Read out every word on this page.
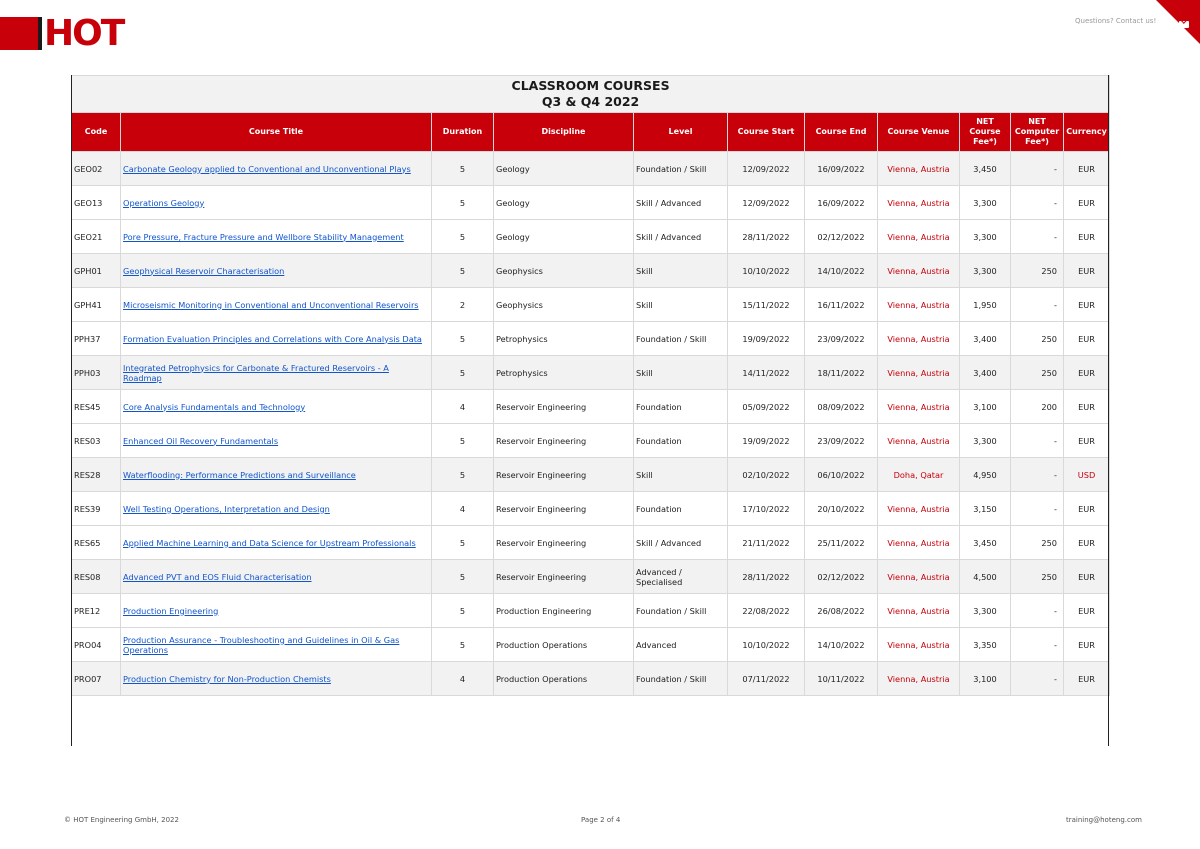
HOT	Questions? Contact us!
CLASSROOM COURSES
Q3 & Q4 2022										

Code	Course Title	Duration	Discipline	Level	Course Start	Course End	Course Venue	NET Course Fee*)	NET Computer Fee*)	Currency
GEO02	Carbonate Geology applied to Conventional and Unconventional Plays	5	Geology	Foundation / Skill	12/09/2022	16/09/2022	Vienna, Austria	3,450	-	EUR
GEO13	Operations Geology	5	Geology	Skill / Advanced	12/09/2022	16/09/2022	Vienna, Austria	3,300	-	EUR
GEO21	Pore Pressure, Fracture Pressure and Wellbore Stability Management	5	Geology	Skill / Advanced	28/11/2022	02/12/2022	Vienna, Austria	3,300	-	EUR
GPH01	Geophysical Reservoir Characterisation	5	Geophysics	Skill	10/10/2022	14/10/2022	Vienna, Austria	3,300	250	EUR
GPH41	Microseismic Monitoring in Conventional and Unconventional Reservoirs	2	Geophysics	Skill	15/11/2022	16/11/2022	Vienna, Austria	1,950	-	EUR
PPH37	Formation Evaluation Principles and Correlations with Core Analysis Data	5	Petrophysics	Foundation / Skill	19/09/2022	23/09/2022	Vienna, Austria	3,400	250	EUR
PPH03	Integrated Petrophysics for Carbonate & Fractured Reservoirs - A Roadmap	5	Petrophysics	Skill	14/11/2022	18/11/2022	Vienna, Austria	3,400	250	EUR
RES45	Core Analysis Fundamentals and Technology	4	Reservoir Engineering	Foundation	05/09/2022	08/09/2022	Vienna, Austria	3,100	200	EUR
RES03	Enhanced Oil Recovery Fundamentals	5	Reservoir Engineering	Foundation	19/09/2022	23/09/2022	Vienna, Austria	3,300	-	EUR
RES28	Waterflooding: Performance Predictions and Surveillance	5	Reservoir Engineering	Skill	02/10/2022	06/10/2022	Doha, Qatar	4,950	-	USD
RES39	Well Testing Operations, Interpretation and Design	4	Reservoir Engineering	Foundation	17/10/2022	20/10/2022	Vienna, Austria	3,150	-	EUR
RES65	Applied Machine Learning and Data Science for Upstream Professionals	5	Reservoir Engineering	Skill / Advanced	21/11/2022	25/11/2022	Vienna, Austria	3,450	250	EUR
RES08	Advanced PVT and EOS Fluid Characterisation	5	Reservoir Engineering	Advanced / Specialised	28/11/2022	02/12/2022	Vienna, Austria	4,500	250	EUR
PRE12	Production Engineering	5	Production Engineering	Foundation / Skill	22/08/2022	26/08/2022	Vienna, Austria	3,300	-	EUR
PRO04	Production Assurance - Troubleshooting and Guidelines in Oil & Gas Operations	5	Production Operations	Advanced	10/10/2022	14/10/2022	Vienna, Austria	3,350	-	EUR
PRO07	Production Chemistry for Non-Production Chemists	4	Production Operations	Foundation / Skill	07/11/2022	10/11/2022	Vienna, Austria	3,100	-	EUR
© HOT Engineering GmbH, 2022	Page 2 of 4	training@hoteng.com
